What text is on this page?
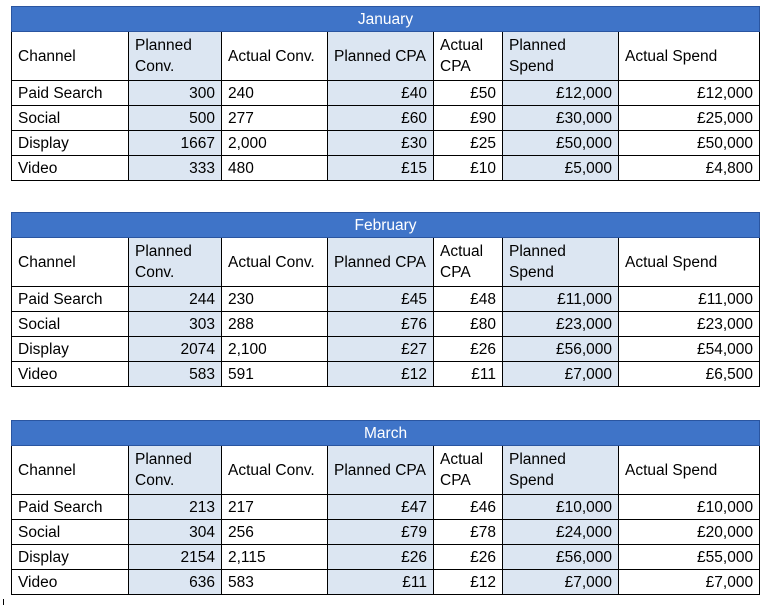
January						
Channel	Planned Conv.	Actual Conv.	Planned CPA	Actual CPA	Planned Spend	Actual Spend
Paid Search	300	240	£40	£50	£12,000	£12,000
Social	500	277	£60	£90	£30,000	£25,000
Display	1667	2,000	£30	£25	£50,000	£50,000
Video	333	480	£15	£10	£5,000	£4,800
February						
Channel	Planned Conv.	Actual Conv.	Planned CPA	Actual CPA	Planned Spend	Actual Spend
Paid Search	244	230	£45	£48	£11,000	£11,000
Social	303	288	£76	£80	£23,000	£23,000
Display	2074	2,100	£27	£26	£56,000	£54,000
Video	583	591	£12	£11	£7,000	£6,500
March						
Channel	Planned Conv.	Actual Conv.	Planned CPA	Actual CPA	Planned Spend	Actual Spend
Paid Search	213	217	£47	£46	£10,000	£10,000
Social	304	256	£79	£78	£24,000	£20,000
Display	2154	2,115	£26	£26	£56,000	£55,000
Video	636	583	£11	£12	£7,000	£7,000
